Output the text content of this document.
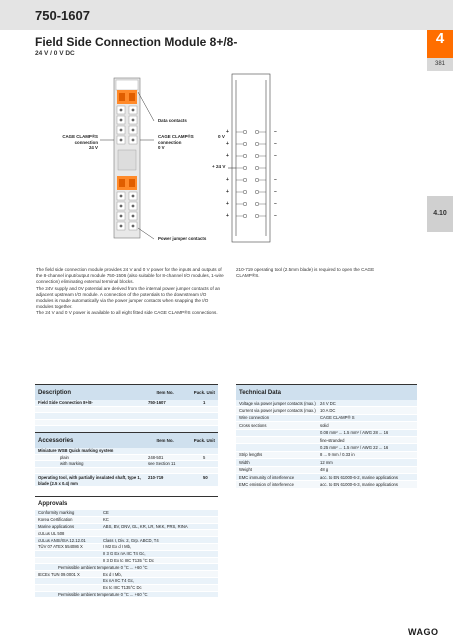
750-1607
Field Side Connection Module 8+/8-
24 V / 0 V DC
4
381
4.10
Data contacts
CAGE CLAMP®S
connection
24 V
CAGE CLAMP®S
connection
0 V
Power jumper contacts
+ 24 V
0 V
+	–
+	–
+	–
+	–
+	–
+	–
+	–

The field side connection module provides 24 V and 0 V power for the inputs and outputs of the 8-channel input/output module 750-1506 (also suitable for 8-channel I/O modules, 1-wire connection) eliminating external terminal blocks.

The 24V supply and 0V potential are derived from the internal power jumper contacts of an adjacent upstream I/O module. A connection of the potentials to the downstream I/O modules is made automatically via the power jumper contacts when snapping the I/O modules together.

The 24 V and 0 V power is available to all eight fitted side CAGE CLAMP®S connections.

210-719 operating tool (2.5mm blade) is required to open the CAGE CLAMP®S.
Description	Item No.	Pack. Unit
Field Side Connection 8+/8-	750-1607	1
Accessories	Item No.	Pack. Unit
Miniature WSB Quick marking system
plain	248-501	5
with marking	see Section 11
Operating tool, with partially insulated shaft, type 1, blade (2.5 x 0.4) mm
210-719	50
Approvals
Conformity marking	CE
Korea Certification	KC
Marine applications	ABS, BV, DNV, GL, KR, LR, NKK, PRS, RINA
cULus UL 508
cULus ANSI/ISA 12.12.01	Class I, Div. 2, Grp. ABCD, T4
TÜV 07 ATEX 554086 X	I M2 Ex d I Mb,
II 3 G Ex nA IIC T4 Gc,
II 3 D Ex tc IIIC T135 °C Dc
Permissible ambient temperature 0 °C ... +60 °C
IECEx TUN 09.0001 X	Ex d I Mb,
Ex nA IIC T4 Gc,
Ex tc IIIC T135°C Dc
Permissible ambient temperature 0 °C ... +60 °C
Technical Data
Voltage via power jumper contacts (max.) 24 V DC
Current via power jumper contacts (max.)	10 A DC
Wire connection	CAGE CLAMP® S
Cross sections	solid
0.08 mm² ... 1.5 mm² / AWG 28 ... 16
fine-stranded
0.25 mm² ... 1.5 mm² / AWG 22 ... 16
Strip lengths	8 ... 9 mm / 0.33 in
Width	12 mm
Weight	48 g
EMC immunity of interference	acc. to EN 61000-6-2, marine applications
EMC emission of interference	acc. to EN 61000-6-3, marine applications
WAGO
